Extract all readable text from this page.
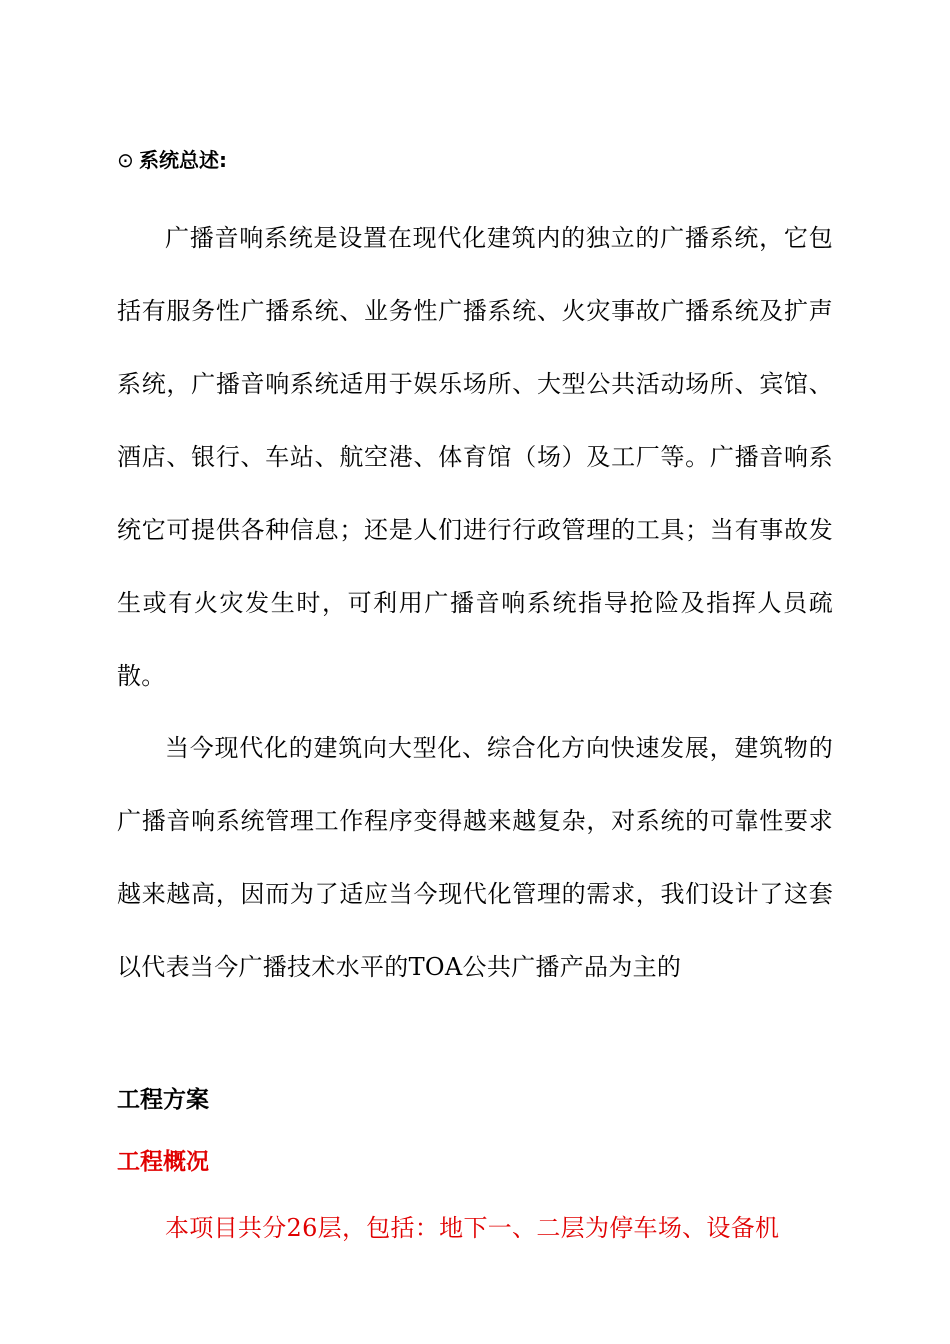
⊙ 系统总述:

广播音响系统是设置在现代化建筑内的独立的广播系统，它包括有服务性广播系统、业务性广播系统、火灾事故广播系统及扩声系统，广播音响系统适用于娱乐场所、大型公共活动场所、宾馆、酒店、银行、车站、航空港、体育馆（场）及工厂等。广播音响系统它可提供各种信息；还是人们进行行政管理的工具；当有事故发生或有火灾发生时，可利用广播音响系统指导抢险及指挥人员疏散。

当今现代化的建筑向大型化、综合化方向快速发展，建筑物的广播音响系统管理工作程序变得越来越复杂，对系统的可靠性要求越来越高，因而为了适应当今现代化管理的需求，我们设计了这套以代表当今广播技术水平的TOA公共广播产品为主的

工程方案
工程概况

本项目共分26层，包括：地下一、二层为停车场、设备机
